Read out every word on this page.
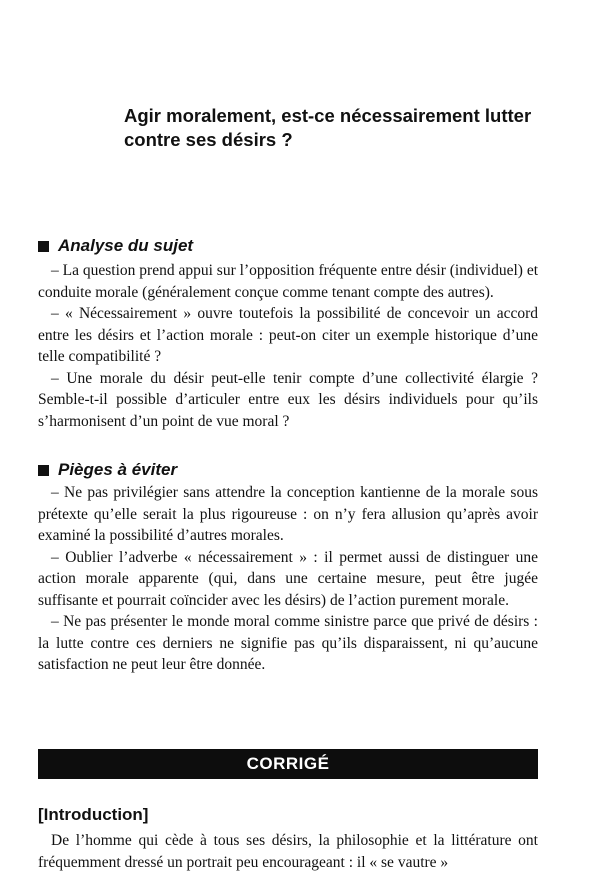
Agir moralement, est-ce nécessairement lutter contre ses désirs ?
Analyse du sujet

– La question prend appui sur l’opposition fréquente entre désir (individuel) et conduite morale (généralement conçue comme tenant compte des autres).

– « Nécessairement » ouvre toutefois la possibilité de concevoir un accord entre les désirs et l’action morale : peut-on citer un exemple historique d’une telle compatibilité ?

– Une morale du désir peut-elle tenir compte d’une collectivité élargie ? Semble-t-il possible d’articuler entre eux les désirs individuels pour qu’ils s’harmonisent d’un point de vue moral ?

Pièges à éviter

– Ne pas privilégier sans attendre la conception kantienne de la morale sous prétexte qu’elle serait la plus rigoureuse : on n’y fera allusion qu’après avoir examiné la possibilité d’autres morales.

– Oublier l’adverbe « nécessairement » : il permet aussi de distinguer une action morale apparente (qui, dans une certaine mesure, peut être jugée suffisante et pourrait coïncider avec les désirs) de l’action purement morale.

– Ne pas présenter le monde moral comme sinistre parce que privé de désirs : la lutte contre ces derniers ne signifie pas qu’ils disparaissent, ni qu’aucune satisfaction ne peut leur être donnée.

CORRIGÉ
[Introduction]

De l’homme qui cède à tous ses désirs, la philosophie et la littérature ont fréquemment dressé un portrait peu encourageant : il « se vautre »
